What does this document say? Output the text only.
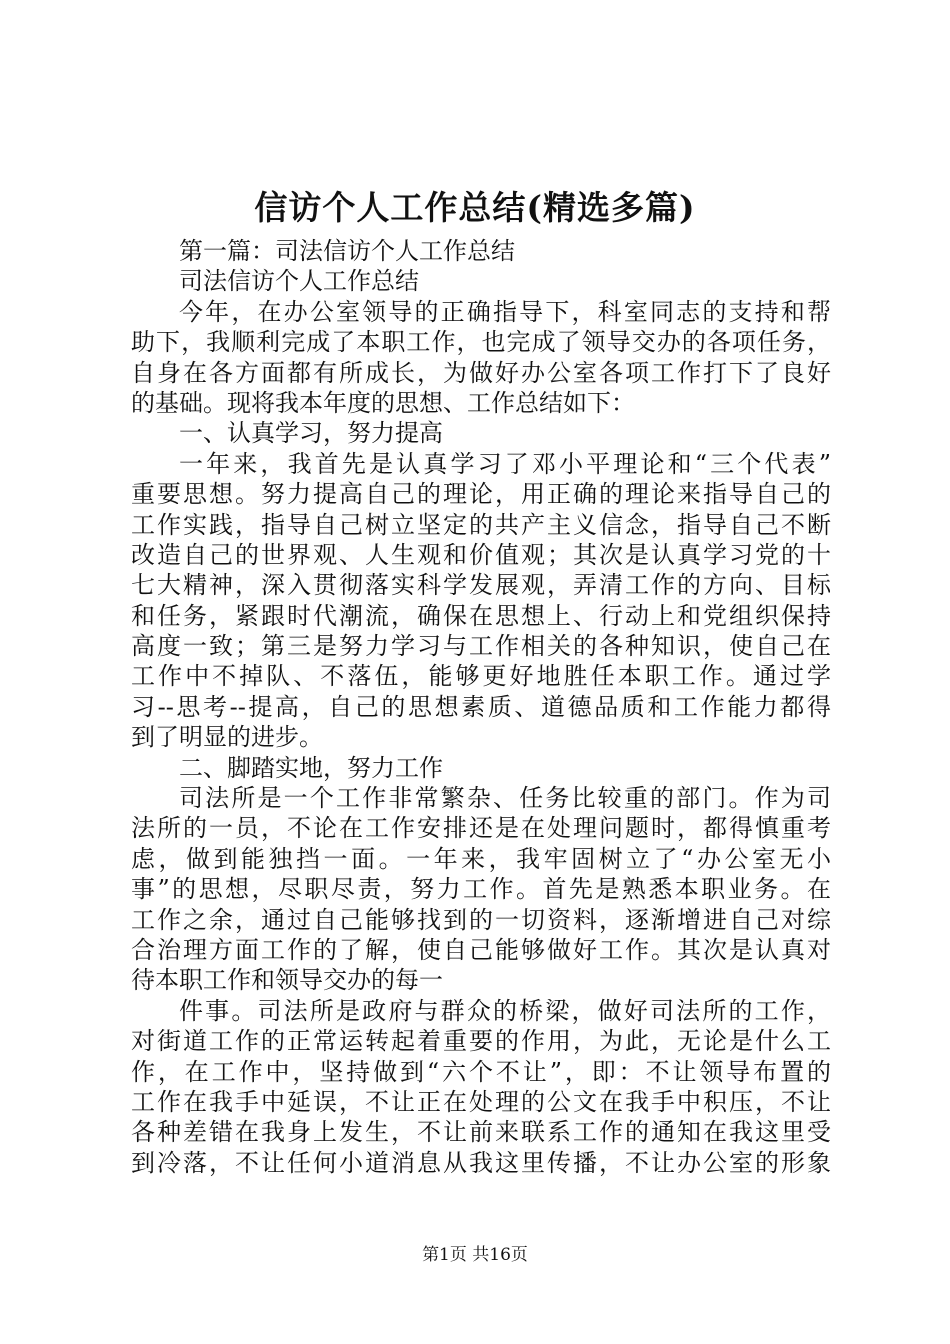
信访个人工作总结(精选多篇)
第一篇：司法信访个人工作总结
司法信访个人工作总结
今年，在办公室领导的正确指导下，科室同志的支持和帮
助下，我顺利完成了本职工作，也完成了领导交办的各项任务，
自身在各方面都有所成长，为做好办公室各项工作打下了良好
的基础。现将我本年度的思想、工作总结如下：
一、认真学习，努力提高
一年来，我首先是认真学习了邓小平理论和“三个代表”
重要思想。努力提高自己的理论，用正确的理论来指导自己的
工作实践，指导自己树立坚定的共产主义信念，指导自己不断
改造自己的世界观、人生观和价值观；其次是认真学习党的十
七大精神，深入贯彻落实科学发展观，弄清工作的方向、目标
和任务，紧跟时代潮流，确保在思想上、行动上和党组织保持
高度一致；第三是努力学习与工作相关的各种知识，使自己在
工作中不掉队、不落伍，能够更好地胜任本职工作。通过学
习--思考--提高，自己的思想素质、道德品质和工作能力都得
到了明显的进步。
二、脚踏实地，努力工作
司法所是一个工作非常繁杂、任务比较重的部门。作为司
法所的一员，不论在工作安排还是在处理问题时，都得慎重考
虑，做到能独挡一面。一年来，我牢固树立了“办公室无小
事”的思想，尽职尽责，努力工作。首先是熟悉本职业务。在
工作之余，通过自己能够找到的一切资料，逐渐增进自己对综
合治理方面工作的了解，使自己能够做好工作。其次是认真对
待本职工作和领导交办的每一
件事。司法所是政府与群众的桥梁，做好司法所的工作，
对街道工作的正常运转起着重要的作用，为此，无论是什么工
作，在工作中，坚持做到“六个不让”，即：不让领导布置的
工作在我手中延误，不让正在处理的公文在我手中积压，不让
各种差错在我身上发生，不让前来联系工作的通知在我这里受
到冷落，不让任何小道消息从我这里传播，不让办公室的形象
第1页 共16页
